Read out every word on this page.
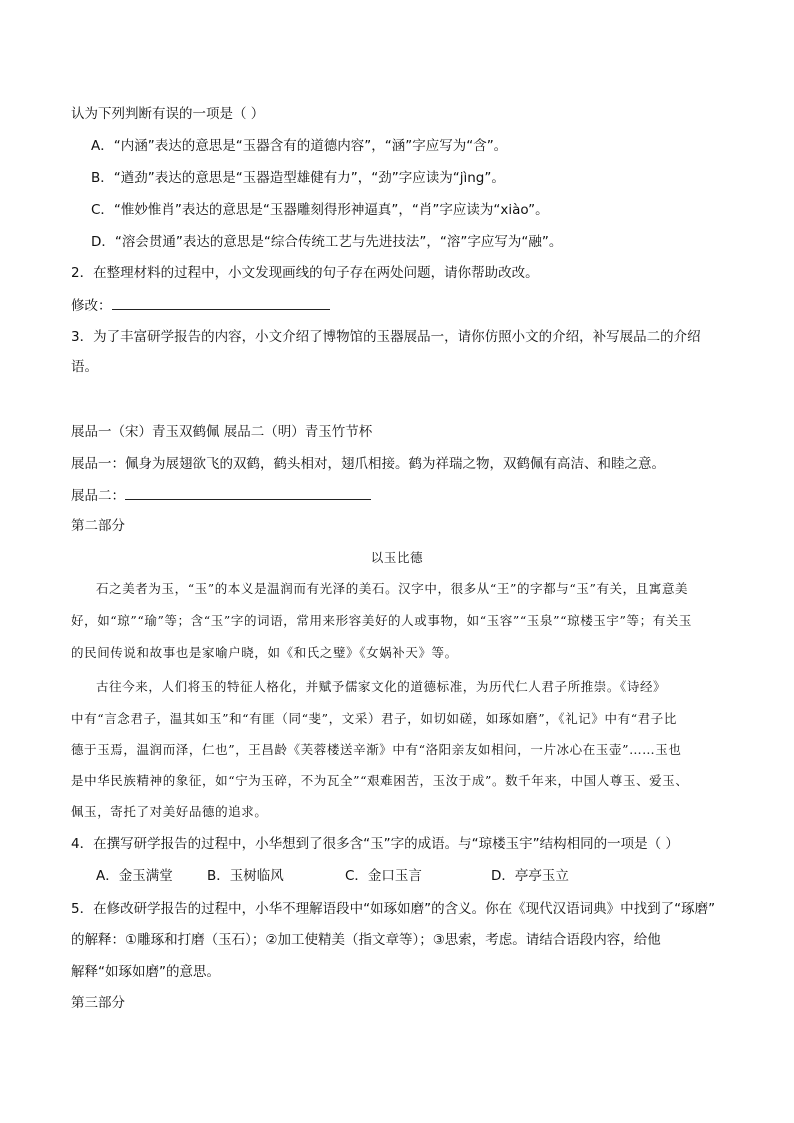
认为下列判断有误的一项是（ ）
A．“内涵”表达的意思是“玉器含有的道德内容”，“涵”字应写为“含”。
B．“遒劲”表达的意思是“玉器造型雄健有力”，“劲”字应读为“jìng”。
C．“惟妙惟肖”表达的意思是“玉器雕刻得形神逼真”，“肖”字应读为“xiào”。
D．“溶会贯通”表达的意思是“综合传统工艺与先进技法”，“溶”字应写为“融”。
2．在整理材料的过程中，小文发现画线的句子存在两处问题，请你帮助改改。
修改：
3．为了丰富研学报告的内容，小文介绍了博物馆的玉器展品一，请你仿照小文的介绍，补写展品二的介绍
语。
展品一（宋）青玉双鹤佩 展品二（明）青玉竹节杯
展品一：佩身为展翅欲飞的双鹤，鹤头相对，翅爪相接。鹤为祥瑞之物，双鹤佩有高洁、和睦之意。
展品二：
第二部分
以玉比德
石之美者为玉，“玉”的本义是温润而有光泽的美石。汉字中，很多从“王”的字都与“玉”有关，且寓意美
好，如“琼”“瑜”等；含“玉”字的词语，常用来形容美好的人或事物，如“玉容”“玉泉”“琼楼玉宇”等；有关玉
的民间传说和故事也是家喻户晓，如《和氏之璧》《女娲补天》等。
古往今来，人们将玉的特征人格化，并赋予儒家文化的道德标准，为历代仁人君子所推崇。《诗经》
中有“言念君子，温其如玉”和“有匪（同“斐”，文采）君子，如切如磋，如琢如磨”，《礼记》中有“君子比
德于玉焉，温润而泽，仁也”，王昌龄《芙蓉楼送辛渐》中有“洛阳亲友如相问，一片冰心在玉壶”……玉也
是中华民族精神的象征，如“宁为玉碎，不为瓦全”“艰难困苦，玉汝于成”。数千年来，中国人尊玉、爱玉、
佩玉，寄托了对美好品德的追求。
4．在撰写研学报告的过程中，小华想到了很多含“玉”字的成语。与“琼楼玉宇”结构相同的一项是（ ）
A．金玉满堂	B．玉树临风	C．金口玉言	D．亭亭玉立
5．在修改研学报告的过程中，小华不理解语段中“如琢如磨”的含义。你在《现代汉语词典》中找到了“琢磨”
的解释：①雕琢和打磨（玉石）；②加工使精美（指文章等）；③思索，考虑。请结合语段内容，给他
解释“如琢如磨”的意思。
第三部分
